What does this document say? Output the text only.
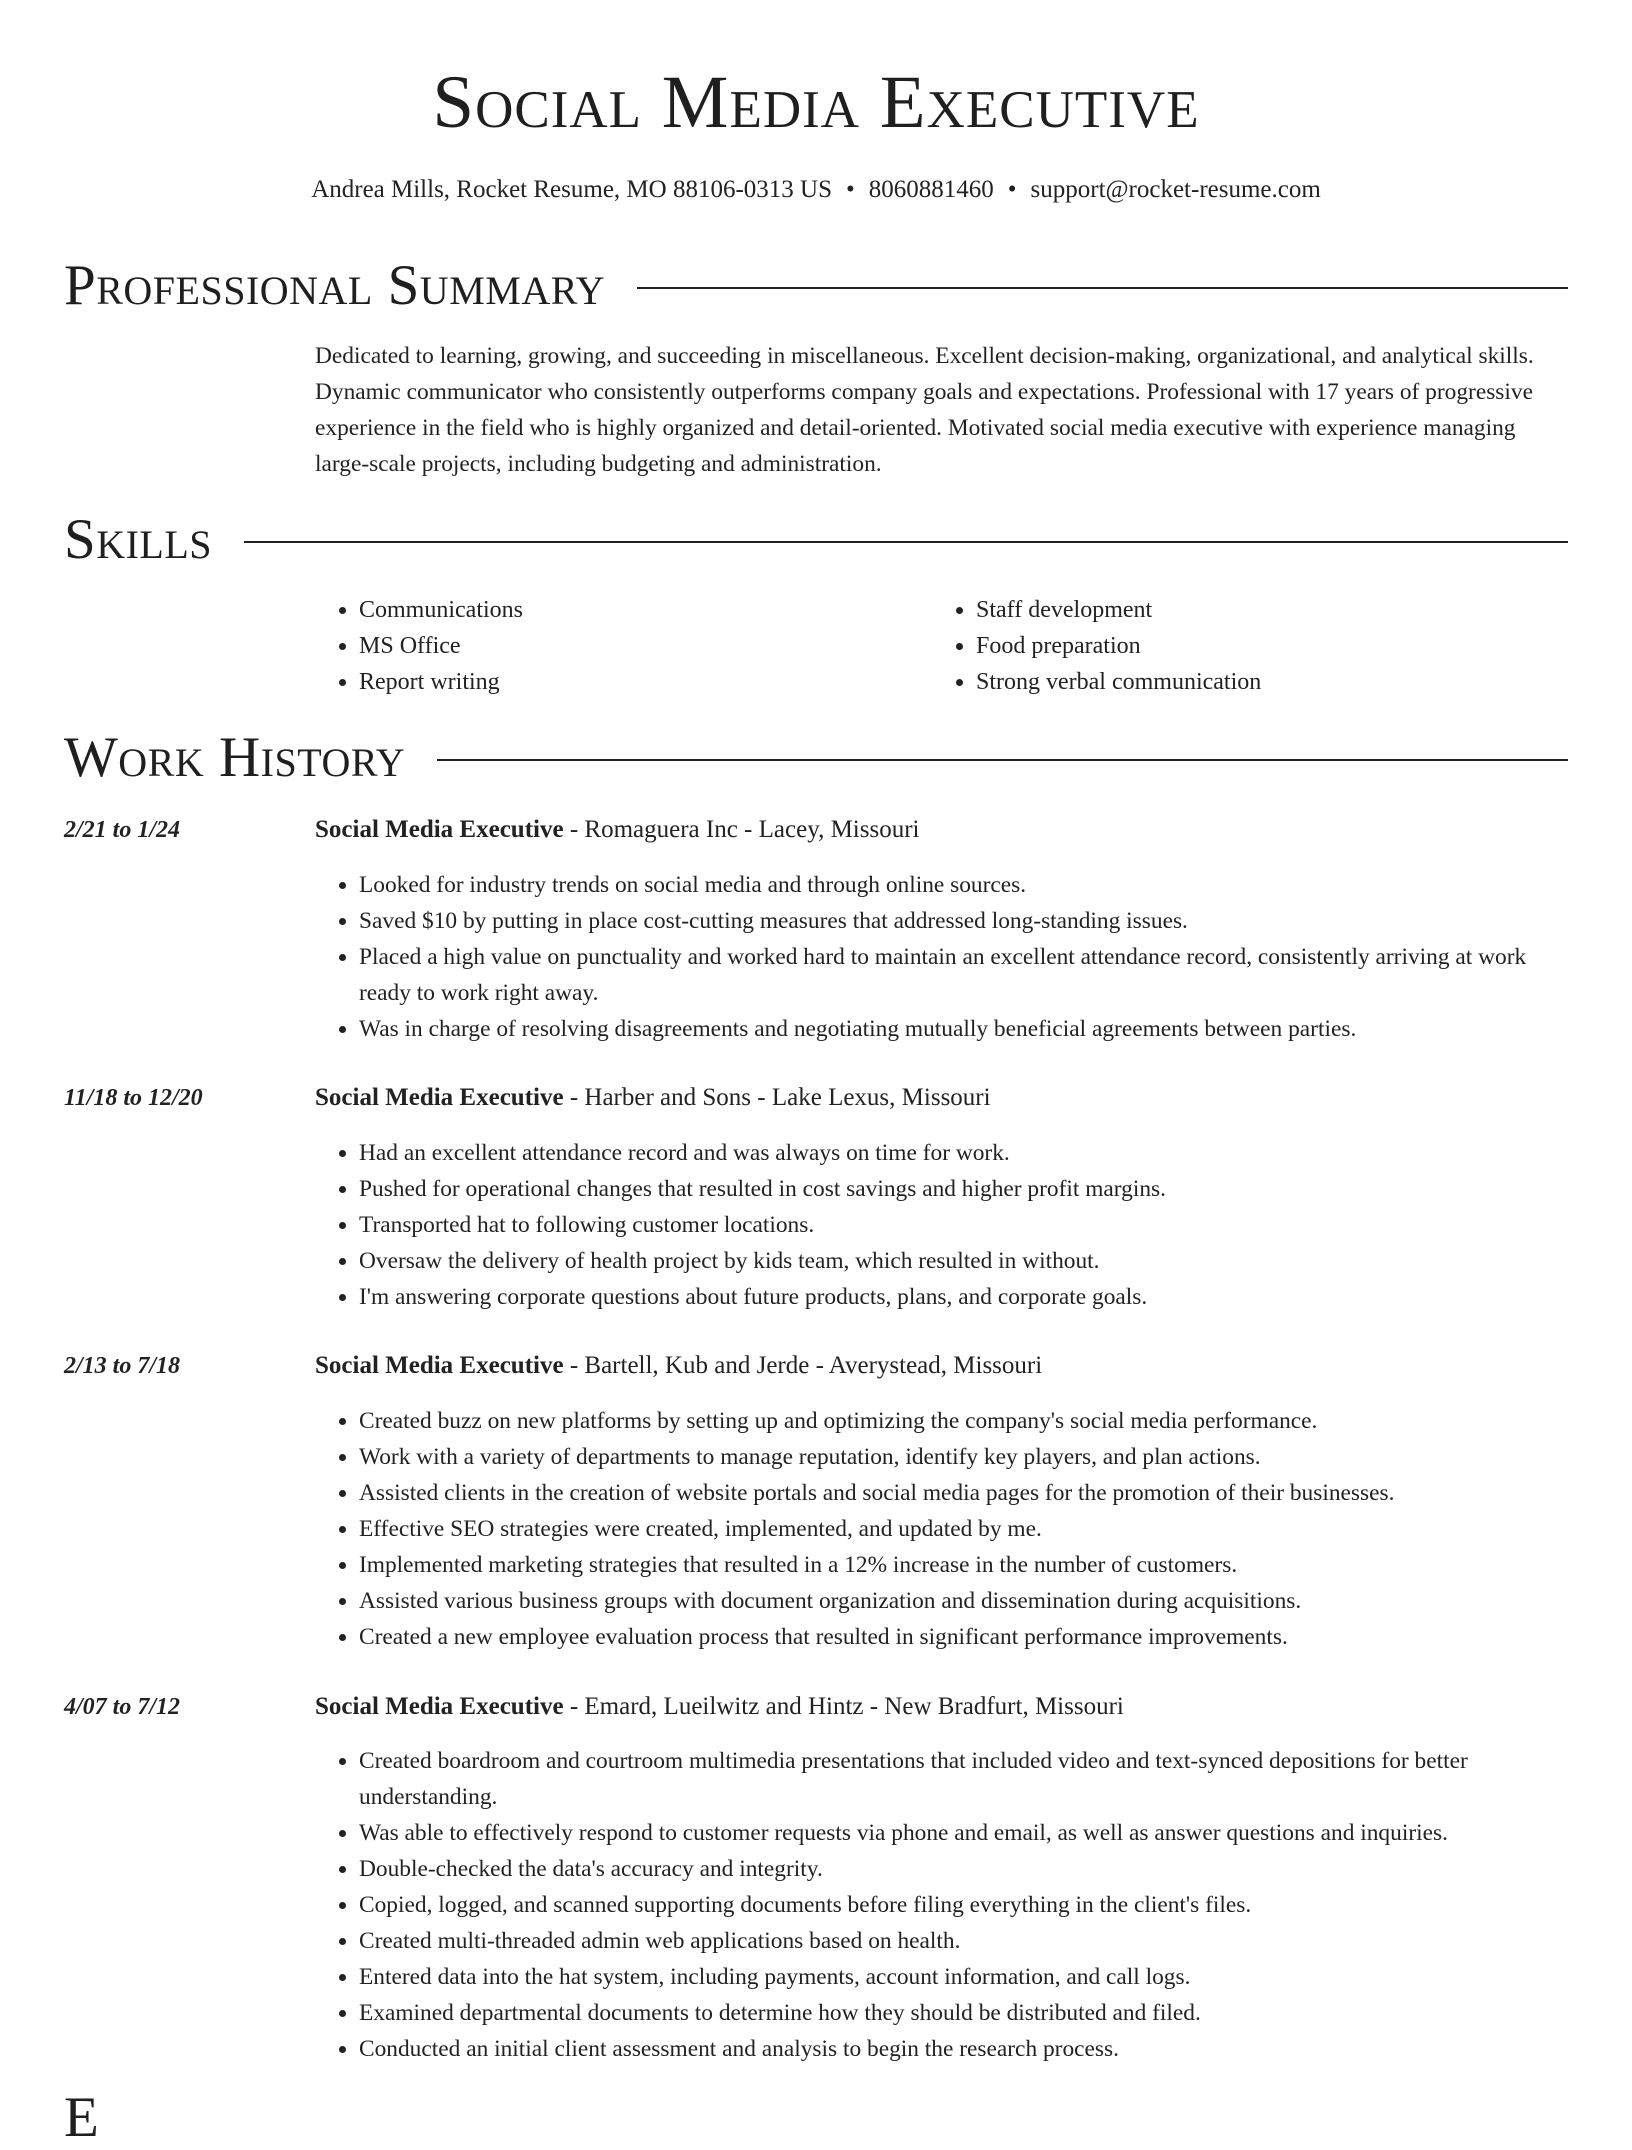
Social Media Executive
Andrea Mills, Rocket Resume, MO 88106-0313 US • 8060881460 • support@rocket-resume.com
Professional Summary

Dedicated to learning, growing, and succeeding in miscellaneous. Excellent decision-making, organizational, and analytical skills. Dynamic communicator who consistently outperforms company goals and expectations. Professional with 17 years of progressive experience in the field who is highly organized and detail-oriented. Motivated social media executive with experience managing large-scale projects, including budgeting and administration.

Skills
• Communications
• MS Office
• Report writing
• Staff development
• Food preparation
• Strong verbal communication
Work History
2/21 to 1/24	Social Media Executive - Romaguera Inc - Lacey, Missouri
• Looked for industry trends on social media and through online sources.
• Saved $10 by putting in place cost-cutting measures that addressed long-standing issues.
• Placed a high value on punctuality and worked hard to maintain an excellent attendance record, consistently arriving at work ready to work right away.
• Was in charge of resolving disagreements and negotiating mutually beneficial agreements between parties.
11/18 to 12/20	Social Media Executive - Harber and Sons - Lake Lexus, Missouri
• Had an excellent attendance record and was always on time for work.
• Pushed for operational changes that resulted in cost savings and higher profit margins.
• Transported hat to following customer locations.
• Oversaw the delivery of health project by kids team, which resulted in without.
• I'm answering corporate questions about future products, plans, and corporate goals.
2/13 to 7/18	Social Media Executive - Bartell, Kub and Jerde - Averystead, Missouri
• Created buzz on new platforms by setting up and optimizing the company's social media performance.
• Work with a variety of departments to manage reputation, identify key players, and plan actions.
• Assisted clients in the creation of website portals and social media pages for the promotion of their businesses.
• Effective SEO strategies were created, implemented, and updated by me.
• Implemented marketing strategies that resulted in a 12% increase in the number of customers.
• Assisted various business groups with document organization and dissemination during acquisitions.
• Created a new employee evaluation process that resulted in significant performance improvements.
4/07 to 7/12	Social Media Executive - Emard, Lueilwitz and Hintz - New Bradfurt, Missouri
• Created boardroom and courtroom multimedia presentations that included video and text-synced depositions for better understanding.
• Was able to effectively respond to customer requests via phone and email, as well as answer questions and inquiries.
• Double-checked the data's accuracy and integrity.
• Copied, logged, and scanned supporting documents before filing everything in the client's files.
• Created multi-threaded admin web applications based on health.
• Entered data into the hat system, including payments, account information, and call logs.
• Examined departmental documents to determine how they should be distributed and filed.
• Conducted an initial client assessment and analysis to begin the research process.
E
